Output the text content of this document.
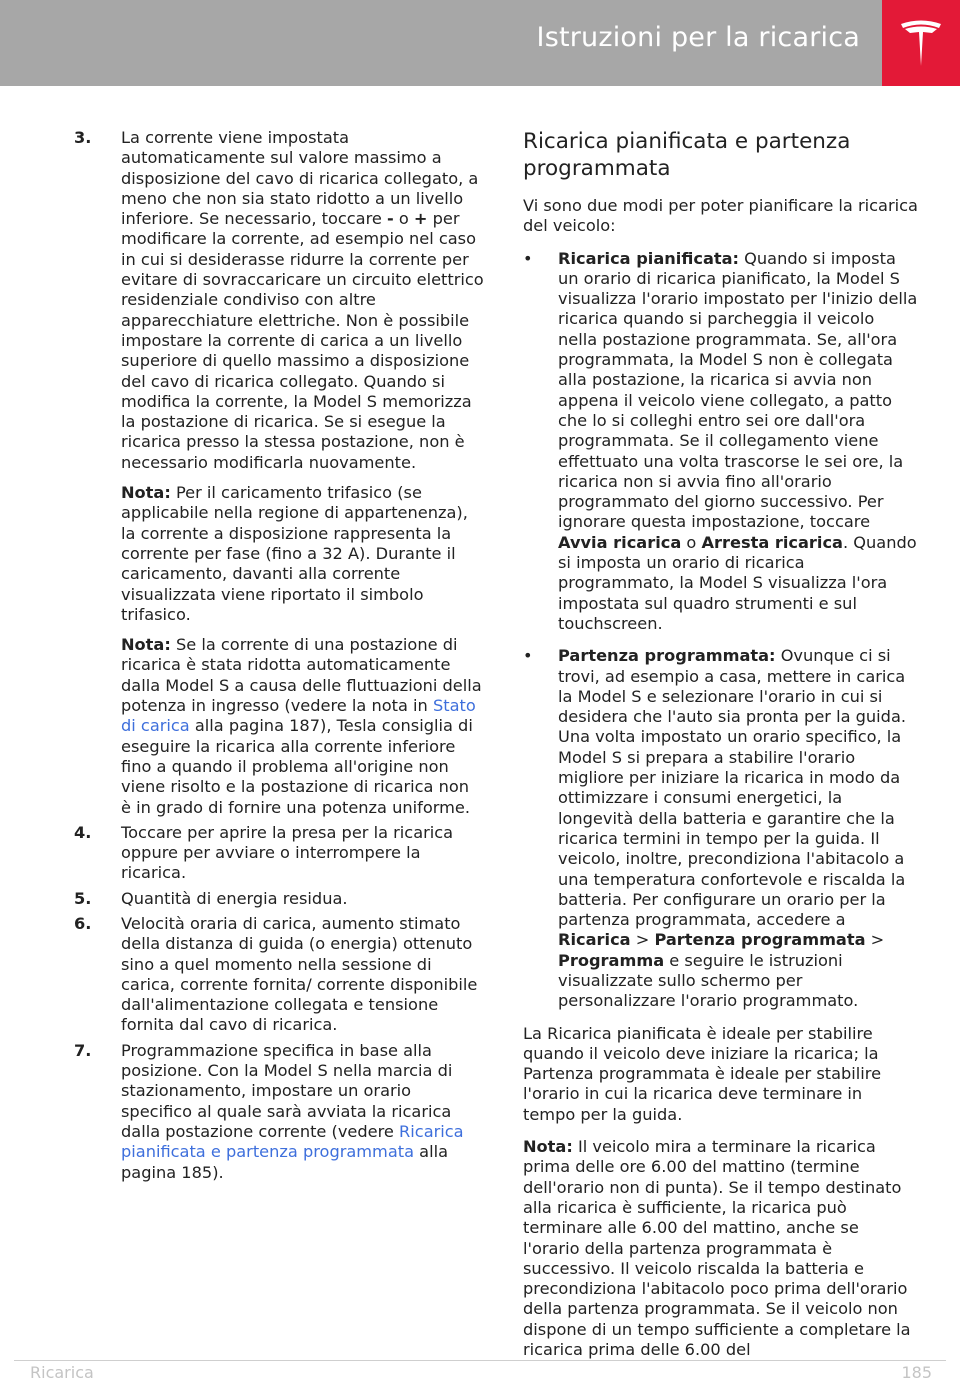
Istruzioni per la ricarica
3. La corrente viene impostata automaticamente sul valore massimo a disposizione del cavo di ricarica collegato, a meno che non sia stato ridotto a un livello inferiore. Se necessario, toccare - o + per modificare la corrente, ad esempio nel caso in cui si desiderasse ridurre la corrente per evitare di sovraccaricare un circuito elettrico residenziale condiviso con altre apparecchiature elettriche. Non è possibile impostare la corrente di carica a un livello superiore di quello massimo a disposizione del cavo di ricarica collegato. Quando si modifica la corrente, la Model S memorizza la postazione di ricarica. Se si esegue la ricarica presso la stessa postazione, non è necessario modificarla nuovamente.

Nota: Per il caricamento trifasico (se applicabile nella regione di appartenenza), la corrente a disposizione rappresenta la corrente per fase (fino a 32 A). Durante il caricamento, davanti alla corrente visualizzata viene riportato il simbolo trifasico.

Nota: Se la corrente di una postazione di ricarica è stata ridotta automaticamente dalla Model S a causa delle fluttuazioni della potenza in ingresso (vedere la nota in Stato di carica alla pagina 187), Tesla consiglia di eseguire la ricarica alla corrente inferiore fino a quando il problema all'origine non viene risolto e la postazione di ricarica non è in grado di fornire una potenza uniforme.

4. Toccare per aprire la presa per la ricarica oppure per avviare o interrompere la ricarica.

5. Quantità di energia residua.

6. Velocità oraria di carica, aumento stimato della distanza di guida (o energia) ottenuto sino a quel momento nella sessione di carica, corrente fornita/ corrente disponibile dall'alimentazione collegata e tensione fornita dal cavo di ricarica.

7. Programmazione specifica in base alla posizione. Con la Model S nella marcia di stazionamento, impostare un orario specifico al quale sarà avviata la ricarica dalla postazione corrente (vedere Ricarica pianificata e partenza programmata alla pagina 185).

Ricarica pianificata e partenza programmata

Vi sono due modi per poter pianificare la ricarica del veicolo:

• Ricarica pianificata: Quando si imposta un orario di ricarica pianificato, la Model S visualizza l'orario impostato per l'inizio della ricarica quando si parcheggia il veicolo nella postazione programmata. Se, all'ora programmata, la Model S non è collegata alla postazione, la ricarica si avvia non appena il veicolo viene collegato, a patto che lo si colleghi entro sei ore dall'ora programmata. Se il collegamento viene effettuato una volta trascorse le sei ore, la ricarica non si avvia fino all'orario programmato del giorno successivo. Per ignorare questa impostazione, toccare Avvia ricarica o Arresta ricarica. Quando si imposta un orario di ricarica programmato, la Model S visualizza l'ora impostata sul quadro strumenti e sul touchscreen.
• Partenza programmata: Ovunque ci si trovi, ad esempio a casa, mettere in carica la Model S e selezionare l'orario in cui si desidera che l'auto sia pronta per la guida. Una volta impostato un orario specifico, la Model S si prepara a stabilire l'orario migliore per iniziare la ricarica in modo da ottimizzare i consumi energetici, la longevità della batteria e garantire che la ricarica termini in tempo per la guida. Il veicolo, inoltre, precondiziona l'abitacolo a una temperatura confortevole e riscalda la batteria. Per configurare un orario per la partenza programmata, accedere a Ricarica > Partenza programmata > Programma e seguire le istruzioni visualizzate sullo schermo per personalizzare l'orario programmato.

La Ricarica pianificata è ideale per stabilire quando il veicolo deve iniziare la ricarica; la Partenza programmata è ideale per stabilire l'orario in cui la ricarica deve terminare in tempo per la guida.

Nota: Il veicolo mira a terminare la ricarica prima delle ore 6.00 del mattino (termine dell'orario non di punta). Se il tempo destinato alla ricarica è sufficiente, la ricarica può terminare alle 6.00 del mattino, anche se l'orario della partenza programmata è successivo. Il veicolo riscalda la batteria e precondiziona l'abitacolo poco prima dell'orario della partenza programmata. Se il veicolo non dispone di un tempo sufficiente a completare la ricarica prima delle 6.00 del

Ricarica	185
